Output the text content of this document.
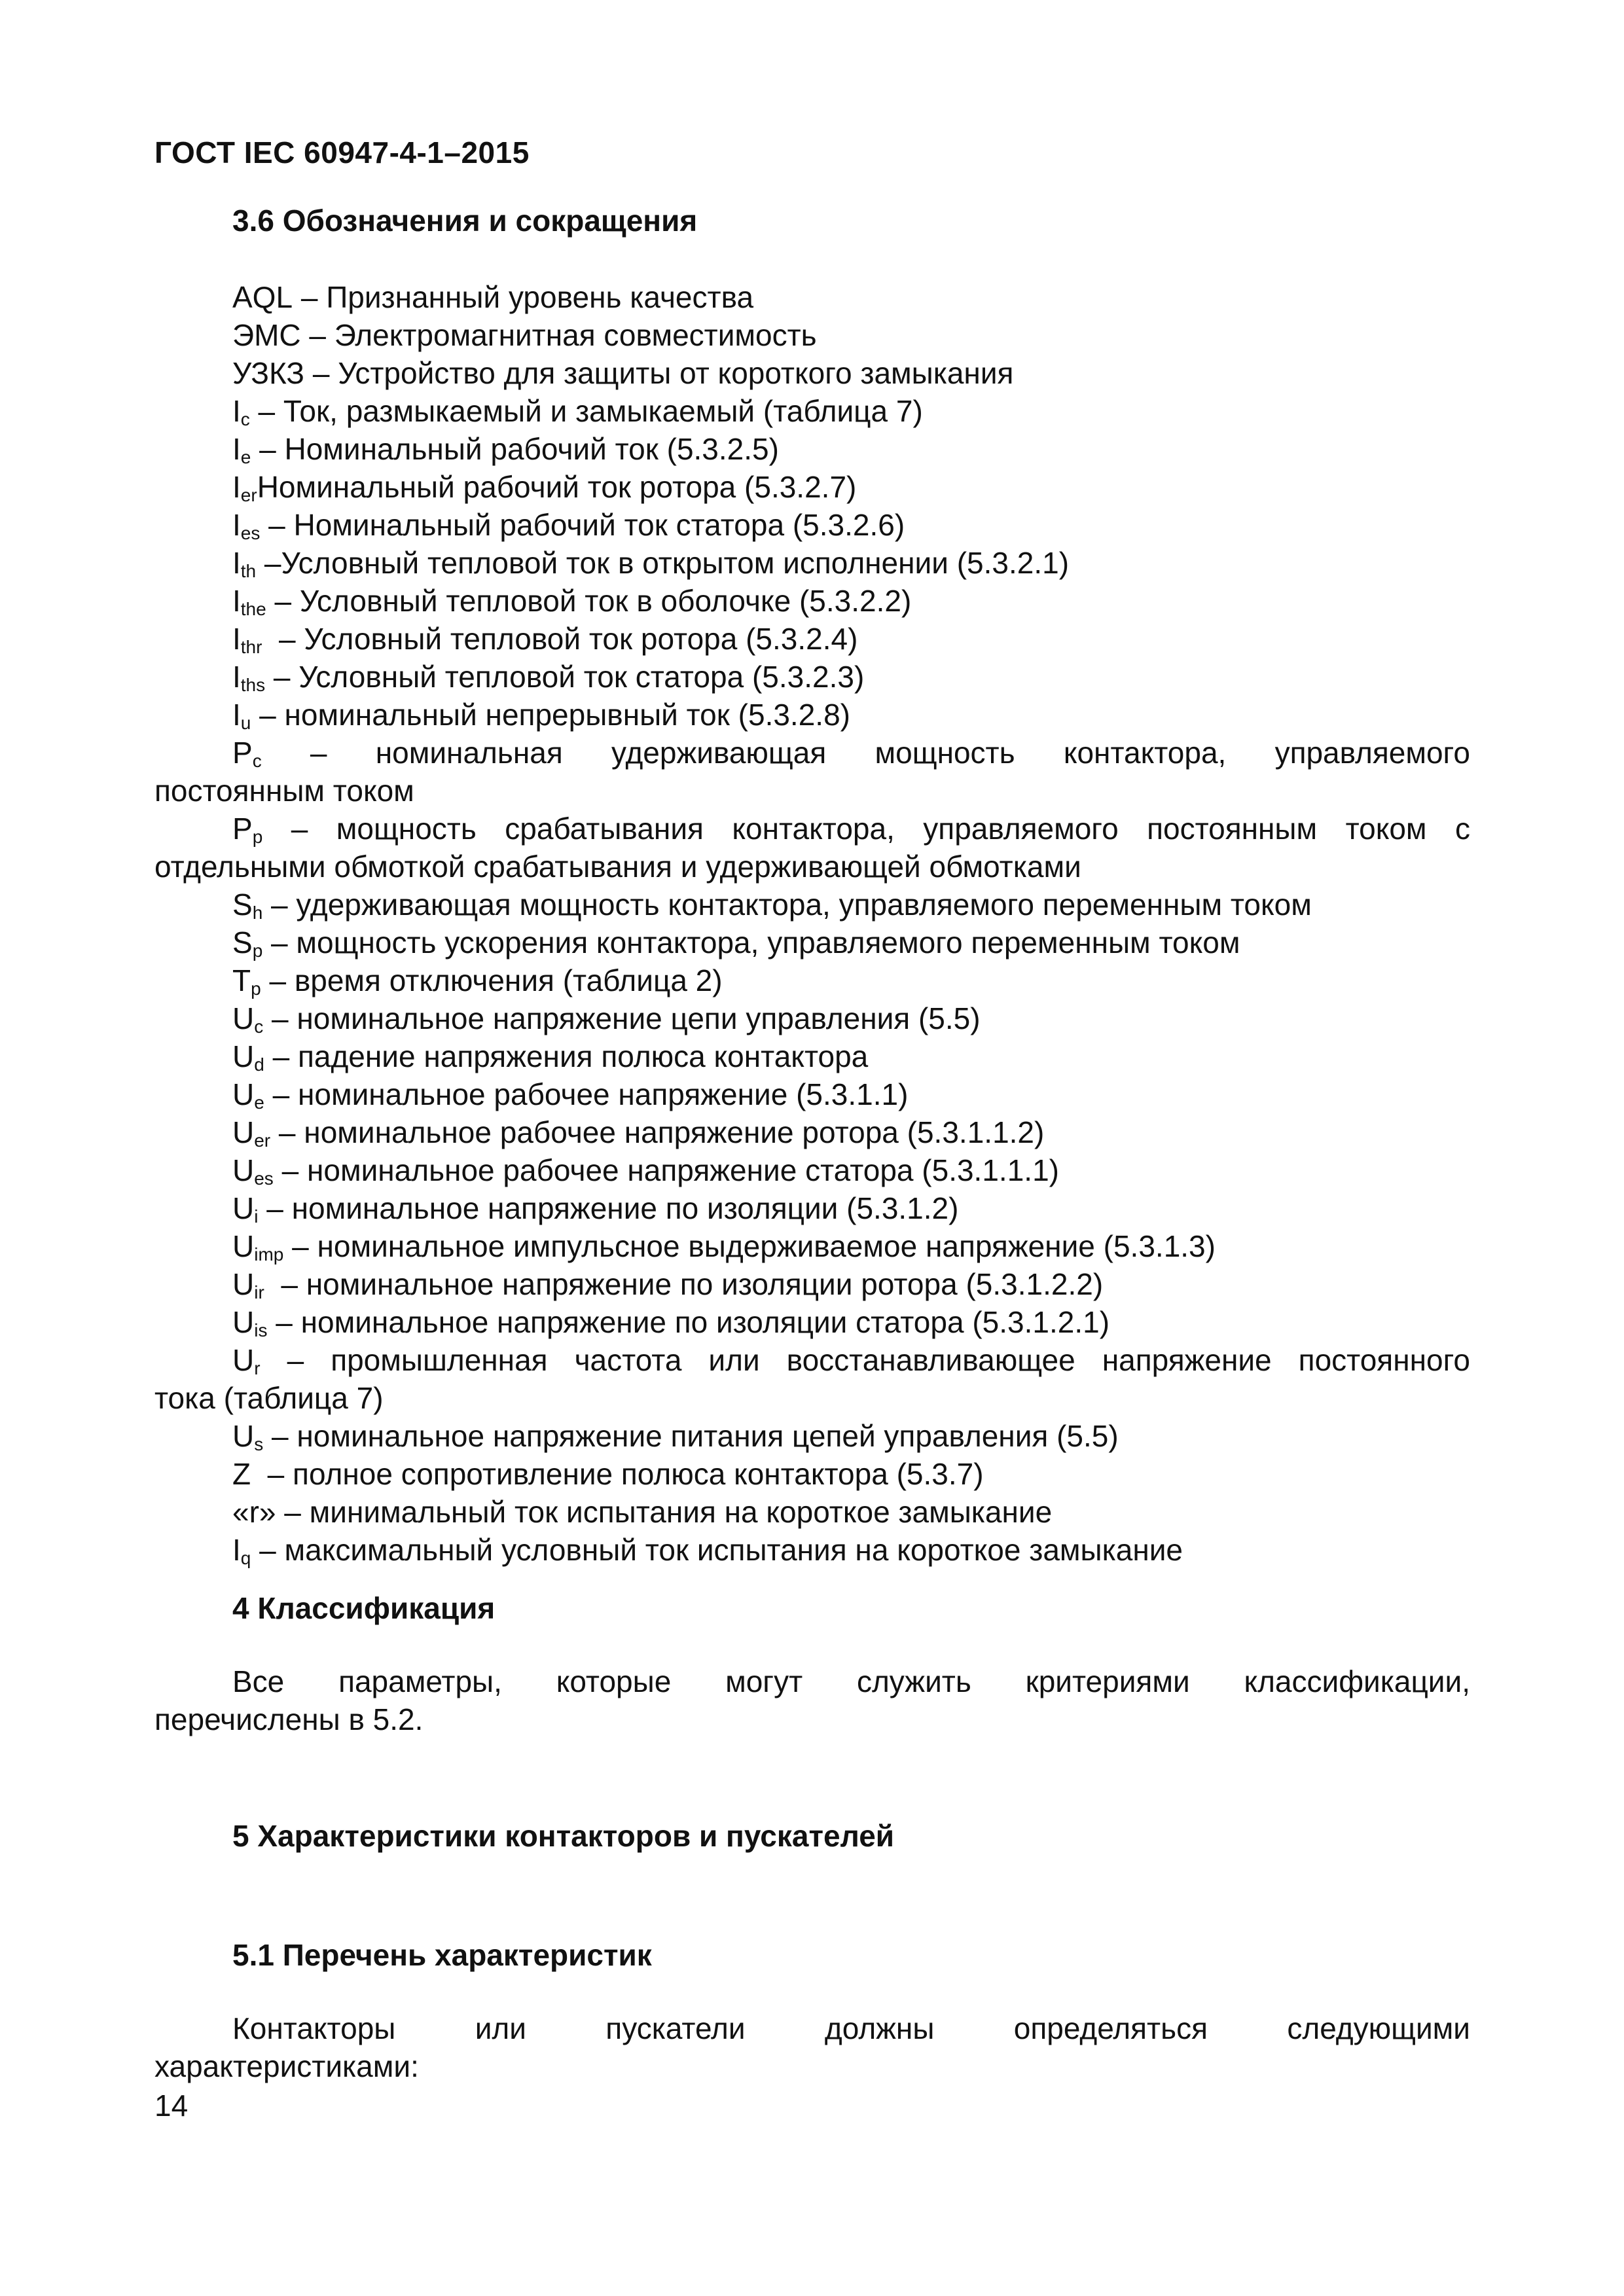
ГОСТ IEC 60947-4-1–2015
3.6 Обозначения и сокращения
AQL – Признанный уровень качества
ЭМС – Электромагнитная совместимость
УЗКЗ – Устройство для защиты от короткого замыкания
$I_c$ – Ток, размыкаемый и замыкаемый (таблица 7)
$I_e$ – Номинальный рабочий ток (5.3.2.5)
$I_{er}Номинальный$ рабочий ток ротора (5.3.2.7)
$I_{es}$ – Номинальный рабочий ток статора (5.3.2.6)
$I_{th}$ –Условный тепловой ток в открытом исполнении (5.3.2.1)
$I_{the}$ – Условный тепловой ток в оболочке (5.3.2.2)
$I_{thr}$  – Условный тепловой ток ротора (5.3.2.4)
$I_{ths}$ – Условный тепловой ток статора (5.3.2.3)
$I_u$ – номинальный непрерывный ток (5.3.2.8)
$P_c$ – номинальная удерживающая мощность контактора, управляемого
постоянным током
$P_p$ – мощность срабатывания контактора, управляемого постоянным током с
отдельными обмоткой срабатывания и удерживающей обмотками
$S_h$ – удерживающая мощность контактора, управляемого переменным током
$S_p$ – мощность ускорения контактора, управляемого переменным током
$T_p$ – время отключения (таблица 2)
$U_c$ – номинальное напряжение цепи управления (5.5)
$U_d$ – падение напряжения полюса контактора
$U_e$ – номинальное рабочее напряжение (5.3.1.1)
$U_{er}$ – номинальное рабочее напряжение ротора (5.3.1.1.2)
$U_{es}$ – номинальное рабочее напряжение статора (5.3.1.1.1)
$U_i$ – номинальное напряжение по изоляции (5.3.1.2)
$U_{imp}$ – номинальное импульсное выдерживаемое напряжение (5.3.1.3)
$U_{ir}$  – номинальное напряжение по изоляции ротора (5.3.1.2.2)
$U_{is}$ – номинальное напряжение по изоляции статора (5.3.1.2.1)
$U_r$ – промышленная частота или восстанавливающее напряжение постоянного
тока (таблица 7)
$U_s$ – номинальное напряжение питания цепей управления (5.5)
Z  – полное сопротивление полюса контактора (5.3.7)
«r» – минимальный ток испытания на короткое замыкание
$I_q$ – максимальный условный ток испытания на короткое замыкание
4 Классификация
Все параметры, которые могут служить критериями классификации,
перечислены в 5.2.
5 Характеристики контакторов и пускателей
5.1 Перечень характеристик
Контакторы	или	пускатели	должны	определяться	следующими
характеристиками:
14
